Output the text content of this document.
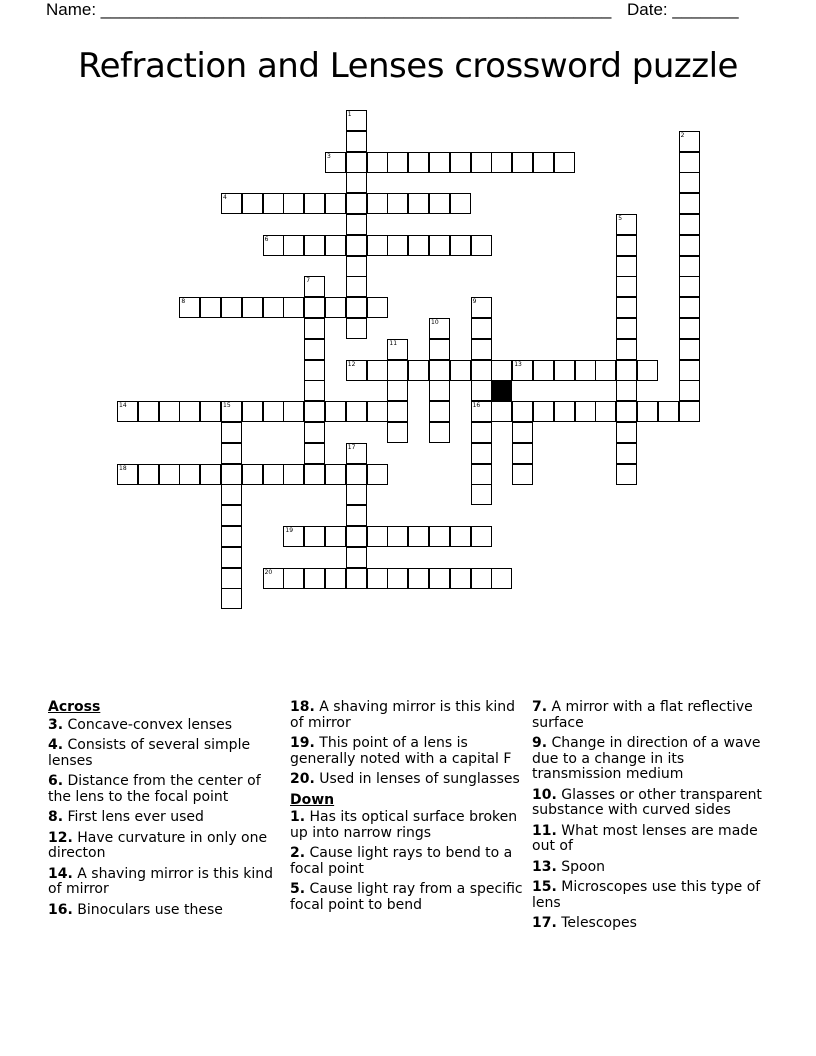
Name: ______________________________________________________ Date: _______
Refraction and Lenses crossword puzzle
1
2
3
4
5
6
7
8	9
16
10
11
12	13
14	15
17
18
19
20
Across
3. Concave-convex lenses
4. Consists of several simple lenses
6. Distance from the center of the lens to the focal point
8. First lens ever used
12. Have curvature in only one directon
14. A shaving mirror is this kind of mirror
16. Binoculars use these
18. A shaving mirror is this kind of mirror
19. This point of a lens is generally noted with a capital F
20. Used in lenses of sunglasses
Down
1. Has its optical surface broken up into narrow rings
2. Cause light rays to bend to a focal point
5. Cause light ray from a specific focal point to bend
7. A mirror with a flat reflective surface
9. Change in direction of a wave due to a change in its transmission medium
10. Glasses or other transparent substance with curved sides
11. What most lenses are made out of
13. Spoon
15. Microscopes use this type of lens
17. Telescopes
